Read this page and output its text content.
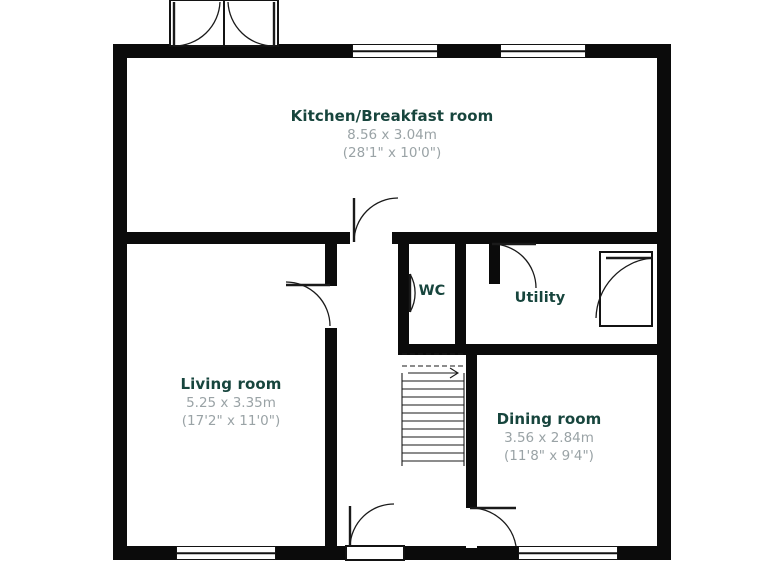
Kitchen/Breakfast room
8.56 x 3.04m
(28'1" x 10'0")
Living room
5.25 x 3.35m
(17'2" x 11'0")	Dining room
3.56 x 2.84m
(11'8" x 9'4")
WC	Utility
